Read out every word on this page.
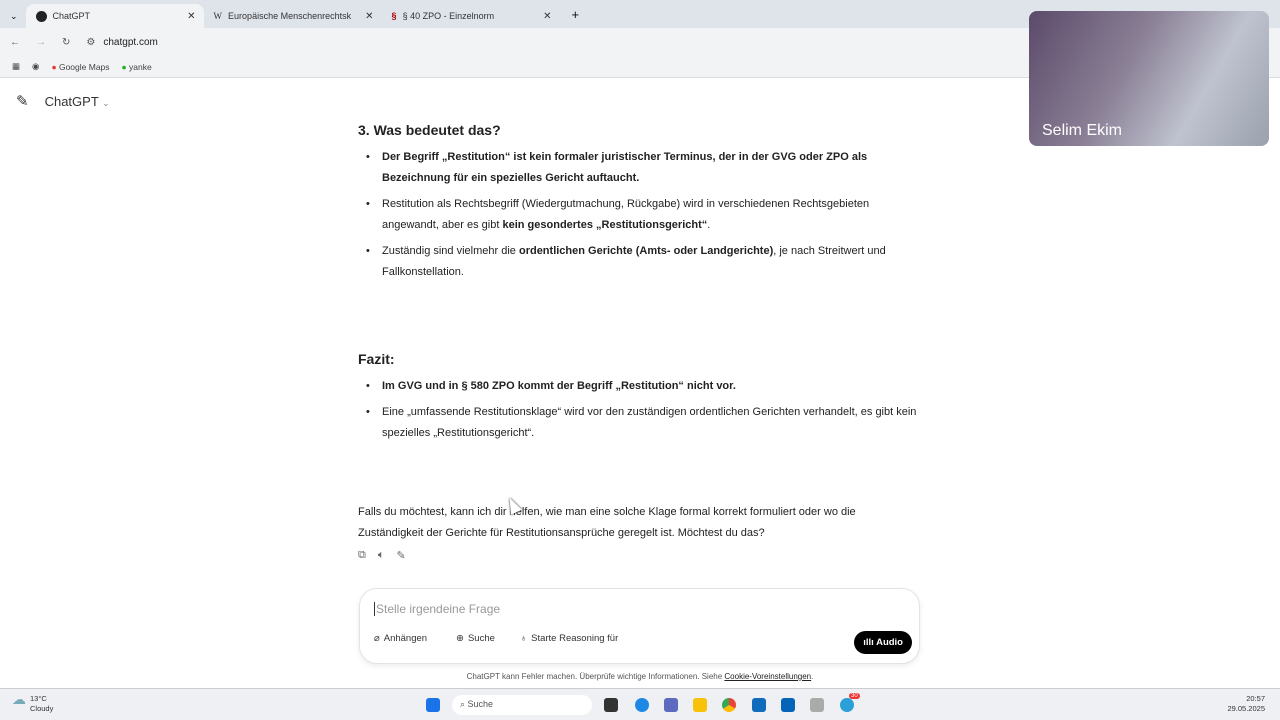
⌄	ChatGPT	✕ W Europäische Menschenrechtsk ✕ § § 40 ZPO - Einzelnorm	✕ +
← → ↻ ⚙ chatgpt.com
▦ ◉ ● Google Maps ● yanke
✎ ChatGPT ⌄
3. Was bedeutet das?
• Der Begriff „Restitution“ ist kein formaler juristischer Terminus, der in der GVG oder ZPO als Bezeichnung für ein spezielles Gericht auftaucht.
• Restitution als Rechtsbegriff (Wiedergutmachung, Rückgabe) wird in verschiedenen Rechtsgebieten angewandt, aber es gibt kein gesondertes „Restitutionsgericht“.
• Zuständig sind vielmehr die ordentlichen Gerichte (Amts- oder Landgerichte), je nach Streitwert und Fallkonstellation.
Fazit:
• Im GVG und in § 580 ZPO kommt der Begriff „Restitution“ nicht vor.
• Eine „umfassende Restitutionsklage“ wird vor den zuständigen ordentlichen Gerichten verhandelt, es gibt kein spezielles „Restitutionsgericht“.

Falls du möchtest, kann ich dir helfen, wie man eine solche Klage formal korrekt formuliert oder wo die Zuständigkeit der Gerichte für Restitutionsansprüche geregelt ist. Möchtest du das?

⧉ 🔈︎ ✎
Stelle irgendeine Frage
⌀ Anhängen	⊕ Suche	♁ Starte Reasoning für	ıllı Audio
ChatGPT kann Fehler machen. Überprüfe wichtige Informationen. Siehe Cookie-Voreinstellungen.
Selim Ekim
☁ 13°C
Cloudy	⌕ Suche
30	20:57
29.05.2025
